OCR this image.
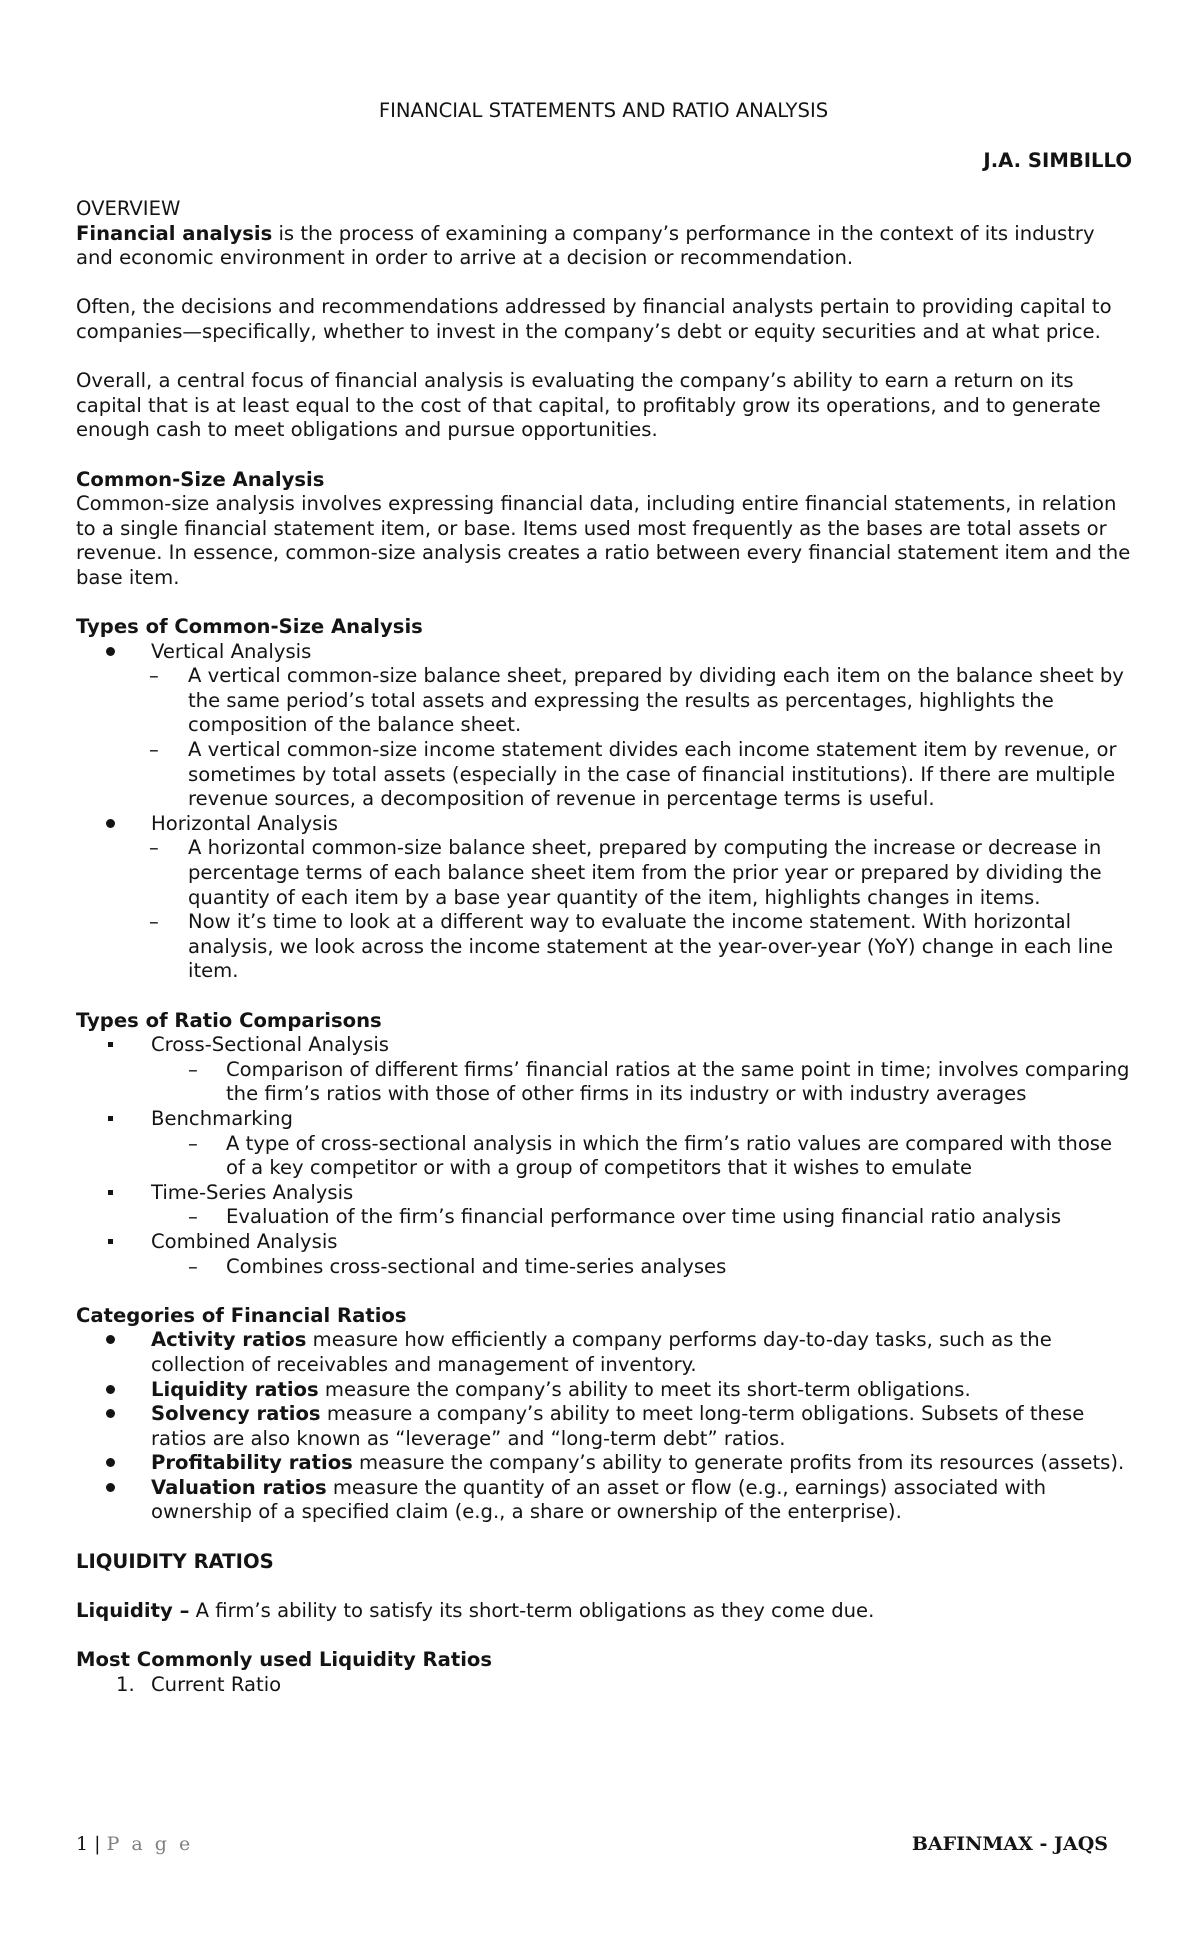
FINANCIAL STATEMENTS AND RATIO ANALYSIS
J.A. SIMBILLO

OVERVIEW

Financial analysis is the process of examining a company’s performance in the context of its industry and economic environment in order to arrive at a decision or recommendation.

Often, the decisions and recommendations addressed by financial analysts pertain to providing capital to companies—specifically, whether to invest in the company’s debt or equity securities and at what price.

Overall, a central focus of financial analysis is evaluating the company’s ability to earn a return on its capital that is at least equal to the cost of that capital, to profitably grow its operations, and to generate enough cash to meet obligations and pursue opportunities.

Common-Size Analysis

Common-size analysis involves expressing financial data, including entire financial statements, in relation to a single financial statement item, or base. Items used most frequently as the bases are total assets or revenue. In essence, common-size analysis creates a ratio between every financial statement item and the base item.

Types of Common-Size Analysis

Vertical Analysis
– A vertical common-size balance sheet, prepared by dividing each item on the balance sheet by the same period’s total assets and expressing the results as percentages, highlights the composition of the balance sheet.
– A vertical common-size income statement divides each income statement item by revenue, or sometimes by total assets (especially in the case of financial institutions). If there are multiple revenue sources, a decomposition of revenue in percentage terms is useful.
Horizontal Analysis
– A horizontal common-size balance sheet, prepared by computing the increase or decrease in percentage terms of each balance sheet item from the prior year or prepared by dividing the quantity of each item by a base year quantity of the item, highlights changes in items.
– Now it’s time to look at a different way to evaluate the income statement. With horizontal analysis, we look across the income statement at the year-over-year (YoY) change in each line item.

Types of Ratio Comparisons

Cross-Sectional Analysis
– Comparison of different firms’ financial ratios at the same point in time; involves comparing the firm’s ratios with those of other firms in its industry or with industry averages
Benchmarking
– A type of cross-sectional analysis in which the firm’s ratio values are compared with those of a key competitor or with a group of competitors that it wishes to emulate
Time-Series Analysis
– Evaluation of the firm’s financial performance over time using financial ratio analysis
Combined Analysis
– Combines cross-sectional and time-series analyses

Categories of Financial Ratios

Activity ratios measure how efficiently a company performs day-to-day tasks, such as the collection of receivables and management of inventory.
Liquidity ratios measure the company’s ability to meet its short-term obligations.
Solvency ratios measure a company’s ability to meet long-term obligations. Subsets of these ratios are also known as “leverage” and “long-term debt” ratios.
Profitability ratios measure the company’s ability to generate profits from its resources (assets).
Valuation ratios measure the quantity of an asset or flow (e.g., earnings) associated with ownership of a specified claim (e.g., a share or ownership of the enterprise).

LIQUIDITY RATIOS

Liquidity – A firm’s ability to satisfy its short-term obligations as they come due.

Most Commonly used Liquidity Ratios

1. Current Ratio
1 | P a g e	BAFINMAX - JAQS
